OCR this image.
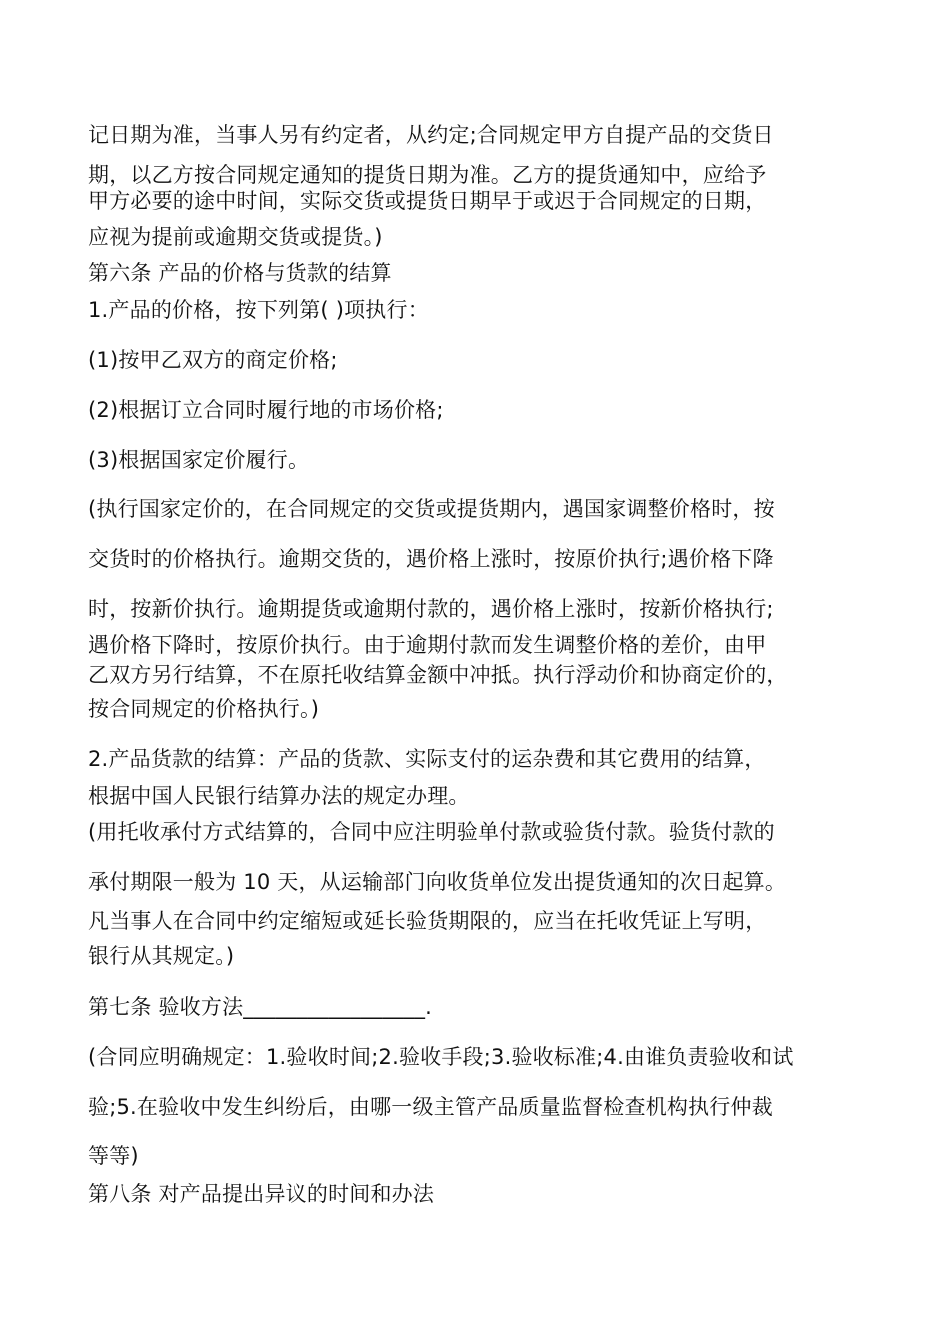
记日期为准，当事人另有约定者，从约定;合同规定甲方自提产品的交货日
期，以乙方按合同规定通知的提货日期为准。乙方的提货通知中，应给予
甲方必要的途中时间，实际交货或提货日期早于或迟于合同规定的日期，
应视为提前或逾期交货或提货。)
第六条 产品的价格与货款的结算
1.产品的价格，按下列第( )项执行：
(1)按甲乙双方的商定价格;
(2)根据订立合同时履行地的市场价格;
(3)根据国家定价履行。
(执行国家定价的，在合同规定的交货或提货期内，遇国家调整价格时，按
交货时的价格执行。逾期交货的，遇价格上涨时，按原价执行;遇价格下降
时，按新价执行。逾期提货或逾期付款的，遇价格上涨时，按新价格执行;
遇价格下降时，按原价执行。由于逾期付款而发生调整价格的差价，由甲
乙双方另行结算，不在原托收结算金额中冲抵。执行浮动价和协商定价的，
按合同规定的价格执行。)
2.产品货款的结算：产品的货款、实际支付的运杂费和其它费用的结算，
根据中国人民银行结算办法的规定办理。
(用托收承付方式结算的，合同中应注明验单付款或验货付款。验货付款的
承付期限一般为 10 天，从运输部门向收货单位发出提货通知的次日起算。
凡当事人在合同中约定缩短或延长验货期限的，应当在托收凭证上写明，
银行从其规定。)
第七条 验收方法_________________.
(合同应明确规定：1.验收时间;2.验收手段;3.验收标准;4.由谁负责验收和试
验;5.在验收中发生纠纷后，由哪一级主管产品质量监督检查机构执行仲裁
等等)
第八条 对产品提出异议的时间和办法
